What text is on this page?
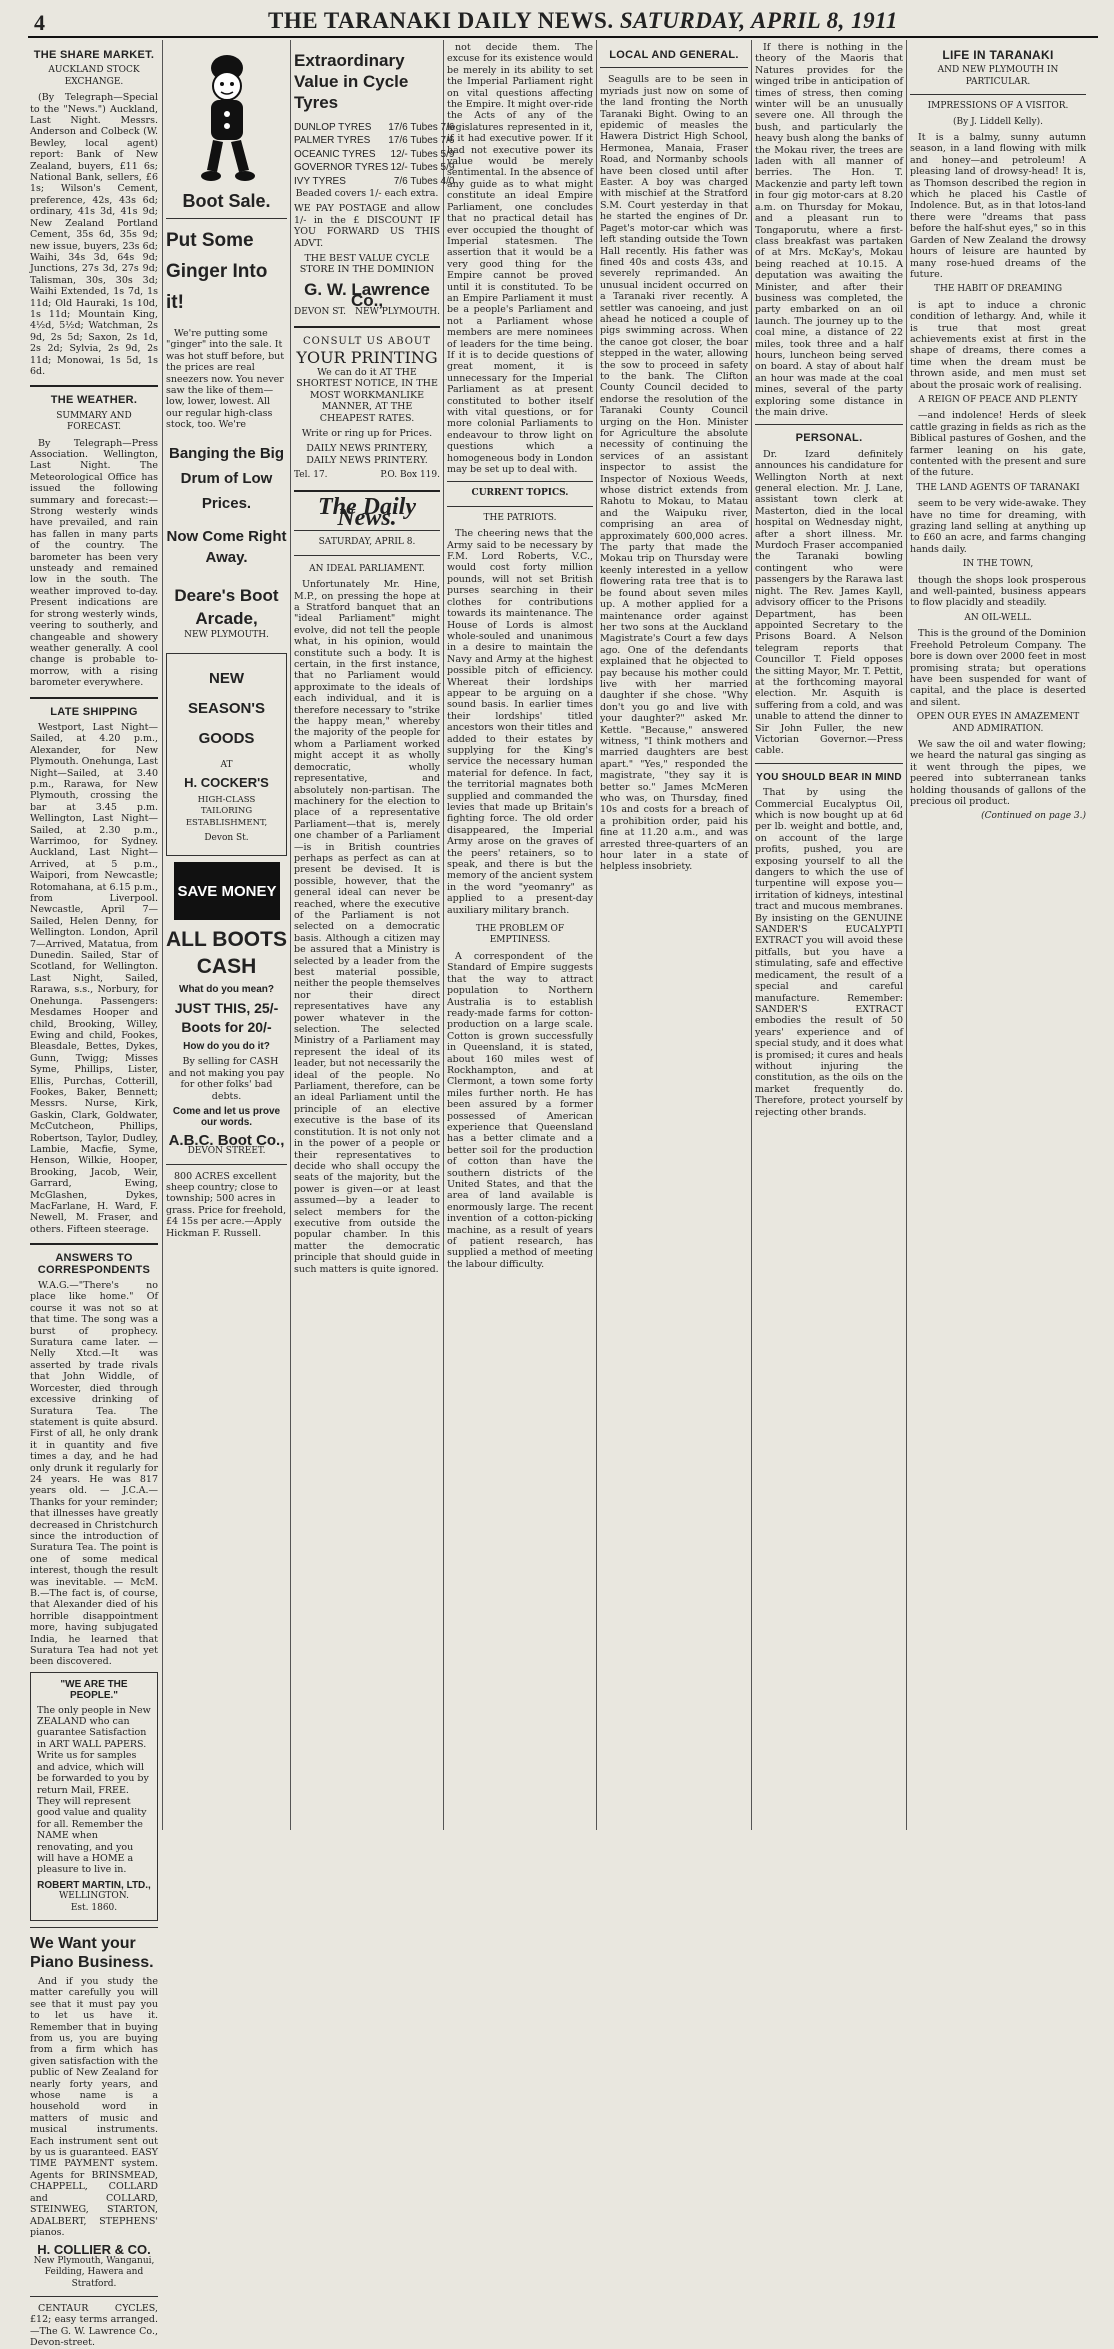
4	THE TARANAKI DAILY NEWS. SATURDAY, APRIL 8, 1911
THE SHARE MARKET.
AUCKLAND STOCK EXCHANGE.

(By Telegraph—Special to the "News.") Auckland, Last Night. Messrs. Anderson and Colbeck (W. Bewley, local agent) report: Bank of New Zealand, buyers, £11 6s; National Bank, sellers, £6 1s; Wilson's Cement, preference, 42s, 43s 6d; ordinary, 41s 3d, 41s 9d; New Zealand Portland Cement, 35s 6d, 35s 9d; new issue, buyers, 23s 6d; Waihi, 34s 3d, 64s 9d; Junctions, 27s 3d, 27s 9d; Talisman, 30s, 30s 3d; Waihi Extended, 1s 7d, 1s 11d; Old Hauraki, 1s 10d, 1s 11d; Mountain King, 4½d, 5½d; Watchman, 2s 9d, 2s 5d; Saxon, 2s 1d, 2s 2d; Sylvia, 2s 9d, 2s 11d; Monowai, 1s 5d, 1s 6d.

THE WEATHER.
SUMMARY AND FORECAST.

By Telegraph—Press Association. Wellington, Last Night. The Meteorological Office has issued the following summary and forecast:—Strong westerly winds have prevailed, and rain has fallen in many parts of the country. The barometer has been very unsteady and remained low in the south. The weather improved to-day. Present indications are for strong westerly winds, veering to southerly, and changeable and showery weather generally. A cool change is probable to-morrow, with a rising barometer everywhere.

LATE SHIPPING

Westport, Last Night—Sailed, at 4.20 p.m., Alexander, for New Plymouth. Onehunga, Last Night—Sailed, at 3.40 p.m., Rarawa, for New Plymouth, crossing the bar at 3.45 p.m. Wellington, Last Night—Sailed, at 2.30 p.m., Warrimoo, for Sydney. Auckland, Last Night—Arrived, at 5 p.m., Waipori, from Newcastle; Rotomahana, at 6.15 p.m., from Liverpool. Newcastle, April 7—Sailed, Helen Denny, for Wellington. London, April 7—Arrived, Matatua, from Dunedin. Sailed, Star of Scotland, for Wellington. Last Night, Sailed, Rarawa, s.s., Norbury, for Onehunga. Passengers: Mesdames Hooper and child, Brooking, Willey, Ewing and child, Fookes, Bleasdale, Bettes, Dykes, Gunn, Twigg; Misses Syme, Phillips, Lister, Ellis, Purchas, Cotterill, Fookes, Baker, Bennett; Messrs. Nurse, Kirk, Gaskin, Clark, Goldwater, McCutcheon, Phillips, Robertson, Taylor, Dudley, Lambie, Macfie, Syme, Henson, Wilkie, Hooper, Brooking, Jacob, Weir, Garrard, Ewing, McGlashen, Dykes, MacFarlane, H. Ward, F. Newell, M. Fraser, and others. Fifteen steerage.

ANSWERS TO CORRESPONDENTS

W.A.G.—"There's no place like home." Of course it was not so at that time. The song was a burst of prophecy. Suratura came later. — Nelly Xtcd.—It was asserted by trade rivals that John Widdle, of Worcester, died through excessive drinking of Suratura Tea. The statement is quite absurd. First of all, he only drank it in quantity and five times a day, and he had only drunk it regularly for 24 years. He was 817 years old. — J.C.A.—Thanks for your reminder; that illnesses have greatly decreased in Christchurch since the introduction of Suratura Tea. The point is one of some medical interest, though the result was inevitable. — McM. B.—The fact is, of course, that Alexander died of his horrible disappointment more, having subjugated India, he learned that Suratura Tea had not yet been discovered.

"WE ARE THE PEOPLE."

The only people in New ZEALAND who can guarantee Satisfaction in ART WALL PAPERS. Write us for samples and advice, which will be forwarded to you by return Mail, FREE. They will represent good value and quality for all. Remember the NAME when renovating, and you will have a HOME a pleasure to live in.

ROBERT MARTIN, LTD.,
WELLINGTON.
Est. 1860.
We Want your Piano Business.

And if you study the matter carefully you will see that it must pay you to let us have it. Remember that in buying from us, you are buying from a firm which has given satisfaction with the public of New Zealand for nearly forty years, and whose name is a household word in matters of music and musical instruments. Each instrument sent out by us is guaranteed. EASY TIME PAYMENT system. Agents for BRINSMEAD, CHAPPELL, COLLARD and COLLARD, STEINWEG, STARTON, ADALBERT, STEPHENS' pianos.

H. COLLIER & CO.
New Plymouth, Wanganui, Feilding, Hawera and Stratford.

CENTAUR CYCLES, £12; easy terms arranged.—The G. W. Lawrence Co., Devon-street.

Boot Sale.
Put Some Ginger Into it!

We're putting some "ginger" into the sale. It was hot stuff before, but the prices are real sneezers now. You never saw the like of them—low, lower, lowest. All our regular high-class stock, too. We're

Banging the Big Drum of Low Prices.
Now Come Right Away.
Deare's Boot Arcade,
NEW PLYMOUTH.
NEW SEASON'S GOODS
AT
H. COCKER'S
HIGH-CLASS TAILORING ESTABLISHMENT,
Devon St.
SAVE MONEY
ALL BOOTS CASH
What do you mean?
JUST THIS, 25/- Boots for 20/-
How do you do it?

By selling for CASH and not making you pay for other folks' bad debts.

Come and let us prove our words.
A.B.C. Boot Co.,
DEVON STREET.

800 ACRES excellent sheep country; close to township; 500 acres in grass. Price for freehold, £4 15s per acre.—Apply Hickman F. Russell.

Extraordinary Value in Cycle Tyres
DUNLOP TYRES	17/6 Tubes 7/6
PALMER TYRES	17/6 Tubes 7/6
OCEANIC TYRES	12/- Tubes 5/9
GOVERNOR TYRES	12/- Tubes 5/9
IVY TYRES	7/6 Tubes 4/0

Beaded covers 1/- each extra.

WE PAY POSTAGE and allow 1/- in the £ DISCOUNT IF YOU FORWARD US THIS ADVT.

THE BEST VALUE CYCLE STORE IN THE DOMINION

G. W. Lawrence Co.,
DEVON ST. NEW PLYMOUTH.
CONSULT US ABOUT
YOUR PRINTING

We can do it AT THE SHORTEST NOTICE, IN THE MOST WORKMANLIKE MANNER, AT THE CHEAPEST RATES.

Write or ring up for Prices.

DAILY NEWS PRINTERY, DAILY NEWS PRINTERY.

Tel. 17.	P.O. Box 119.
The Daily News.
SATURDAY, APRIL 8.
AN IDEAL PARLIAMENT.

Unfortunately Mr. Hine, M.P., on pressing the hope at a Stratford banquet that an "ideal Parliament" might evolve, did not tell the people what, in his opinion, would constitute such a body. It is certain, in the first instance, that no Parliament would approximate to the ideals of each individual, and it is therefore necessary to "strike the happy mean," whereby the majority of the people for whom a Parliament worked might accept it as wholly democratic, wholly representative, and absolutely non-partisan. The machinery for the election to place of a representative Parliament—that is, merely one chamber of a Parliament—is in British countries perhaps as perfect as can at present be devised. It is possible, however, that the general ideal can never be reached, where the executive of the Parliament is not selected on a democratic basis. Although a citizen may be assured that a Ministry is selected by a leader from the best material possible, neither the people themselves nor their direct representatives have any power whatever in the selection. The selected Ministry of a Parliament may represent the ideal of its leader, but not necessarily the ideal of the people. No Parliament, therefore, can be an ideal Parliament until the principle of an elective executive is the base of its constitution. It is not only not in the power of a people or their representatives to decide who shall occupy the seats of the majority, but the power is given—or at least assumed—by a leader to select members for the executive from outside the popular chamber. In this matter the democratic principle that should guide in such matters is quite ignored.

not decide them. The excuse for its existence would be merely in its ability to set the Imperial Parliament right on vital questions affecting the Empire. It might over-ride the Acts of any of the legislatures represented in it, if it had executive power. If it had not executive power its value would be merely sentimental. In the absence of any guide as to what might constitute an ideal Empire Parliament, one concludes that no practical detail has ever occupied the thought of Imperial statesmen. The assertion that it would be a very good thing for the Empire cannot be proved until it is constituted. To be an Empire Parliament it must be a people's Parliament and not a Parliament whose members are mere nominees of leaders for the time being. If it is to decide questions of great moment, it is unnecessary for the Imperial Parliament as at present constituted to bother itself with vital questions, or for more colonial Parliaments to endeavour to throw light on questions which a homogeneous body in London may be set up to deal with.

CURRENT TOPICS.
THE PATRIOTS.

The cheering news that the Army said to be necessary by F.M. Lord Roberts, V.C., would cost forty million pounds, will not set British purses searching in their clothes for contributions towards its maintenance. The House of Lords is almost whole-souled and unanimous in a desire to maintain the Navy and Army at the highest possible pitch of efficiency. Whereat their lordships appear to be arguing on a sound basis. In earlier times their lordships' titled ancestors won their titles and added to their estates by supplying for the King's service the necessary human material for defence. In fact, the territorial magnates both supplied and commanded the levies that made up Britain's fighting force. The old order disappeared, the Imperial Army arose on the graves of the peers' retainers, so to speak, and there is but the memory of the ancient system in the word "yeomanry" as applied to a present-day auxiliary military branch.

THE PROBLEM OF EMPTINESS.

A correspondent of the Standard of Empire suggests that the way to attract population to Northern Australia is to establish ready-made farms for cotton-production on a large scale. Cotton is grown successfully in Queensland, it is stated, about 160 miles west of Rockhampton, and at Clermont, a town some forty miles further north. He has been assured by a former possessed of American experience that Queensland has a better climate and a better soil for the production of cotton than have the southern districts of the United States, and that the area of land available is enormously large. The recent invention of a cotton-picking machine, as a result of years of patient research, has supplied a method of meeting the labour difficulty.

LOCAL AND GENERAL.

Seagulls are to be seen in myriads just now on some of the land fronting the North Taranaki Bight. Owing to an epidemic of measles the Hawera District High School, Hermonea, Manaia, Fraser Road, and Normanby schools have been closed until after Easter. A boy was charged with mischief at the Stratford S.M. Court yesterday in that he started the engines of Dr. Paget's motor-car which was left standing outside the Town Hall recently. His father was fined 40s and costs 43s, and severely reprimanded. An unusual incident occurred on a Taranaki river recently. A settler was canoeing, and just ahead he noticed a couple of pigs swimming across. When the canoe got closer, the boar stepped in the water, allowing the sow to proceed in safety to the bank. The Clifton County Council decided to endorse the resolution of the Taranaki County Council urging on the Hon. Minister for Agriculture the absolute necessity of continuing the services of an assistant inspector to assist the Inspector of Noxious Weeds, whose district extends from Rahotu to Mokau, to Matau and the Waipuku river, comprising an area of approximately 600,000 acres. The party that made the Mokau trip on Thursday were keenly interested in a yellow flowering rata tree that is to be found about seven miles up. A mother applied for a maintenance order against her two sons at the Auckland Magistrate's Court a few days ago. One of the defendants explained that he objected to pay because his mother could live with her married daughter if she chose. "Why don't you go and live with your daughter?" asked Mr. Kettle. "Because," answered witness, "I think mothers and married daughters are best apart." "Yes," responded the magistrate, "they say it is better so." James McMeren who was, on Thursday, fined 10s and costs for a breach of a prohibition order, paid his fine at 11.20 a.m., and was arrested three-quarters of an hour later in a state of helpless insobriety.

If there is nothing in the theory of the Maoris that Natures provides for the winged tribe in anticipation of times of stress, then coming winter will be an unusually severe one. All through the bush, and particularly the heavy bush along the banks of the Mokau river, the trees are laden with all manner of berries. The Hon. T. Mackenzie and party left town in four gig motor-cars at 8.20 a.m. on Thursday for Mokau, and a pleasant run to Tongaporutu, where a first-class breakfast was partaken of at Mrs. McKay's, Mokau being reached at 10.15. A deputation was awaiting the Minister, and after their business was completed, the party embarked on an oil launch. The journey up to the coal mine, a distance of 22 miles, took three and a half hours, luncheon being served on board. A stay of about half an hour was made at the coal mines, several of the party exploring some distance in the main drive.

PERSONAL.

Dr. Izard definitely announces his candidature for Wellington North at next general election. Mr. J. Lane, assistant town clerk at Masterton, died in the local hospital on Wednesday night, after a short illness. Mr. Murdoch Fraser accompanied the Taranaki bowling contingent who were passengers by the Rarawa last night. The Rev. James Kayll, advisory officer to the Prisons Department, has been appointed Secretary to the Prisons Board. A Nelson telegram reports that Councillor T. Field opposes the sitting Mayor, Mr. T. Pettit, at the forthcoming mayoral election. Mr. Asquith is suffering from a cold, and was unable to attend the dinner to Sir John Fuller, the new Victorian Governor.—Press cable.

YOU SHOULD BEAR IN MIND

That by using the Commercial Eucalyptus Oil, which is now bought up at 6d per lb. weight and bottle, and, on account of the large profits, pushed, you are exposing yourself to all the dangers to which the use of turpentine will expose you—irritation of kidneys, intestinal tract and mucous membranes. By insisting on the GENUINE SANDER'S EUCALYPTI EXTRACT you will avoid these pitfalls, but you have a stimulating, safe and effective medicament, the result of a special and careful manufacture. Remember: SANDER'S EXTRACT embodies the result of 50 years' experience and of special study, and it does what is promised; it cures and heals without injuring the constitution, as the oils on the market frequently do. Therefore, protect yourself by rejecting other brands.

LIFE IN TARANAKI
AND NEW PLYMOUTH IN PARTICULAR.
IMPRESSIONS OF A VISITOR.
(By J. Liddell Kelly).

It is a balmy, sunny autumn season, in a land flowing with milk and honey—and petroleum! A pleasing land of drowsy-head! It is, as Thomson described the region in which he placed his Castle of Indolence. But, as in that lotos-land there were "dreams that pass before the half-shut eyes," so in this Garden of New Zealand the drowsy hours of leisure are haunted by many rose-hued dreams of the future.

THE HABIT OF DREAMING

is apt to induce a chronic condition of lethargy. And, while it is true that most great achievements exist at first in the shape of dreams, there comes a time when the dream must be thrown aside, and men must set about the prosaic work of realising.

A REIGN OF PEACE AND PLENTY

—and indolence! Herds of sleek cattle grazing in fields as rich as the Biblical pastures of Goshen, and the farmer leaning on his gate, contented with the present and sure of the future.

THE LAND AGENTS OF TARANAKI

seem to be very wide-awake. They have no time for dreaming, with grazing land selling at anything up to £60 an acre, and farms changing hands daily.

IN THE TOWN,

though the shops look prosperous and well-painted, business appears to flow placidly and steadily.

AN OIL-WELL.

This is the ground of the Dominion Freehold Petroleum Company. The bore is down over 2000 feet in most promising strata; but operations have been suspended for want of capital, and the place is deserted and silent.

OPEN OUR EYES IN AMAZEMENT AND ADMIRATION.

We saw the oil and water flowing; we heard the natural gas singing as it went through the pipes, we peered into subterranean tanks holding thousands of gallons of the precious oil product.

(Continued on page 3.)
